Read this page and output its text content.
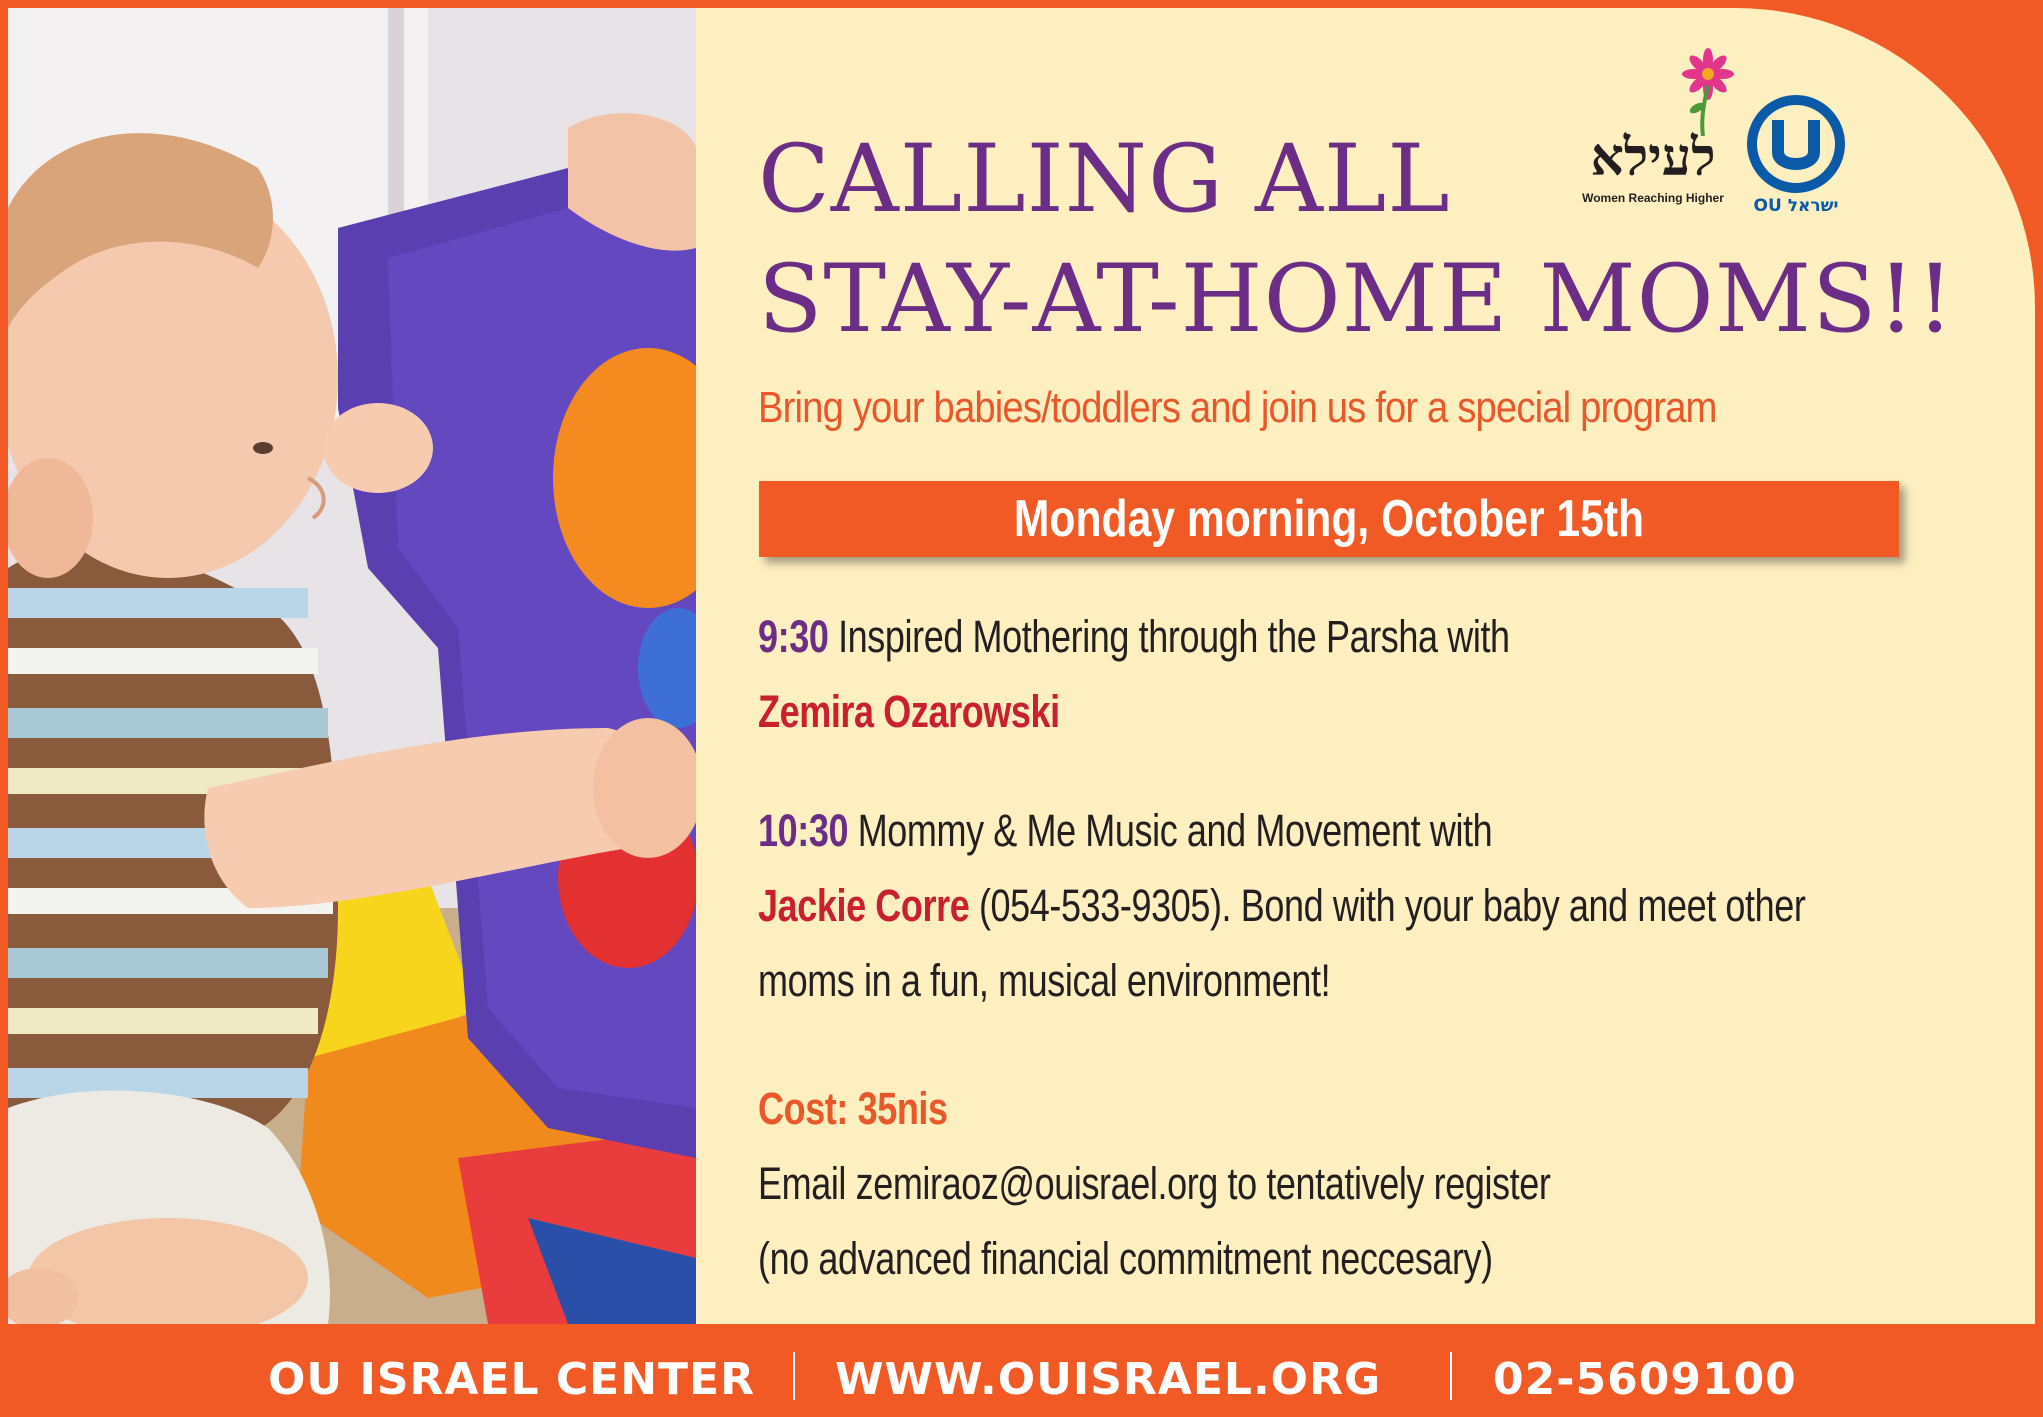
לעילא
Women Reaching Higher	OU ישראל
CALLING ALL
STAY-AT-HOME MOMS!!
Bring your babies/toddlers and join us for a special program
Monday morning, October 15th
9:30 Inspired Mothering through the Parsha with
Zemira Ozarowski
10:30 Mommy & Me Music and Movement with
Jackie Corre (054-533-9305). Bond with your baby and meet other
moms in a fun, musical environment!
Cost: 35nis
Email zemiraoz@ouisrael.org to tentatively register
(no advanced financial commitment neccesary)
OU ISRAEL CENTER WWW.OUISRAEL.ORG	02-5609100
